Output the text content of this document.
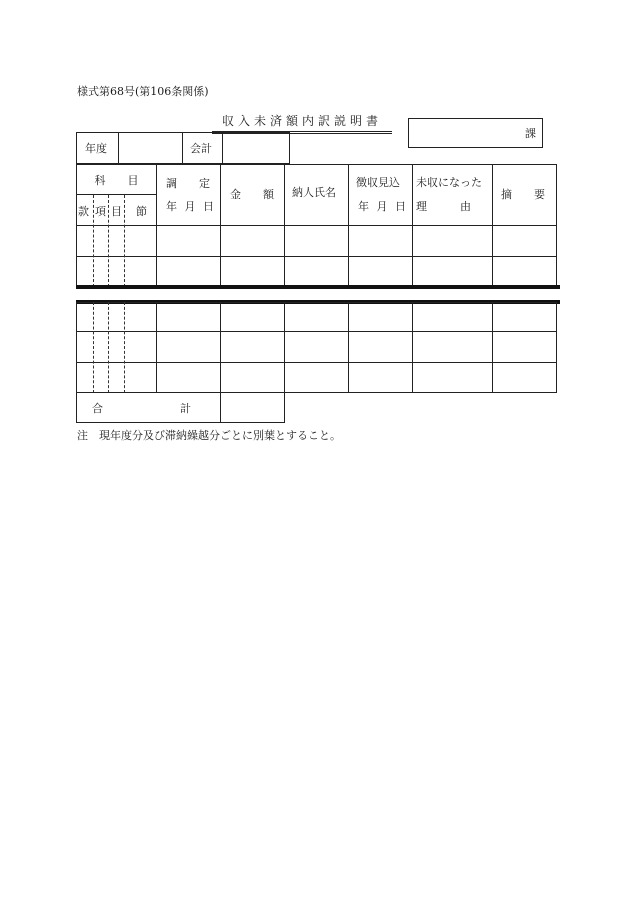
様式第68号(第106条関係)
収入未済額内訳説明書
課
年度	会計
科　　目
款 項 目 節
調　　定
年 月 日
金　　額 納人氏名
徴収見込
年 月 日
未収になった
理　　　由
摘　　要
合　　　　　　　計
注　現年度分及び滞納繰越分ごとに別葉とすること。
